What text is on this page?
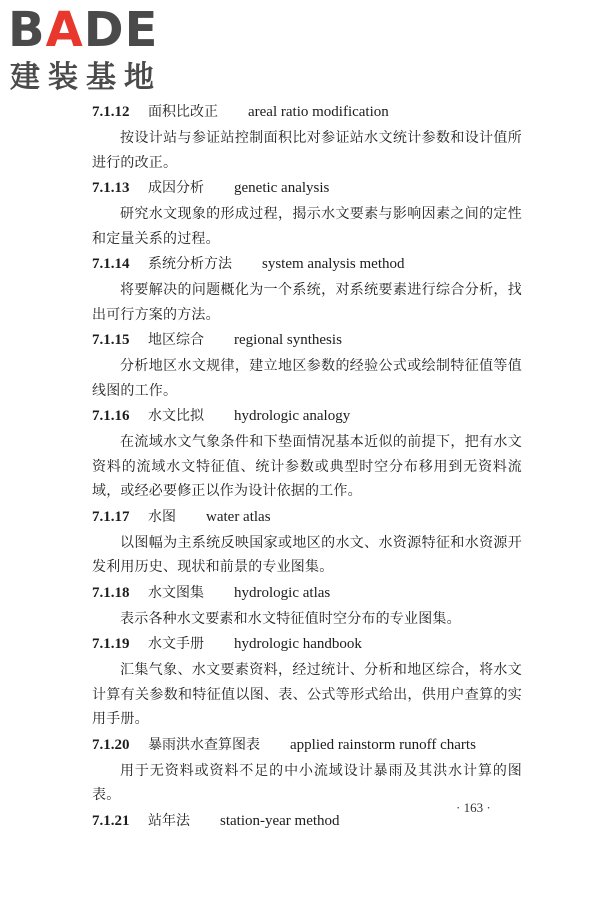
BADE
建装基地
7.1.12 面积比改正 areal ratio modification

按设计站与参证站控制面积比对参证站水文统计参数和设计值所进行的改正。

7.1.13 成因分析 genetic analysis

研究水文现象的形成过程，揭示水文要素与影响因素之间的定性和定量关系的过程。

7.1.14 系统分析方法 system analysis method

将要解决的问题概化为一个系统，对系统要素进行综合分析，找出可行方案的方法。

7.1.15 地区综合 regional synthesis

分析地区水文规律，建立地区参数的经验公式或绘制特征值等值线图的工作。

7.1.16 水文比拟 hydrologic analogy

在流域水文气象条件和下垫面情况基本近似的前提下，把有水文资料的流域水文特征值、统计参数或典型时空分布移用到无资料流域，或经必要修正以作为设计依据的工作。

7.1.17 水图 water atlas

以图幅为主系统反映国家或地区的水文、水资源特征和水资源开发利用历史、现状和前景的专业图集。

7.1.18 水文图集 hydrologic atlas

表示各种水文要素和水文特征值时空分布的专业图集。

7.1.19 水文手册 hydrologic handbook

汇集气象、水文要素资料，经过统计、分析和地区综合，将水文计算有关参数和特征值以图、表、公式等形式给出，供用户查算的实用手册。

7.1.20 暴雨洪水查算图表 applied rainstorm runoff charts

用于无资料或资料不足的中小流域设计暴雨及其洪水计算的图表。

7.1.21 站年法 station-year method
· 163 ·
